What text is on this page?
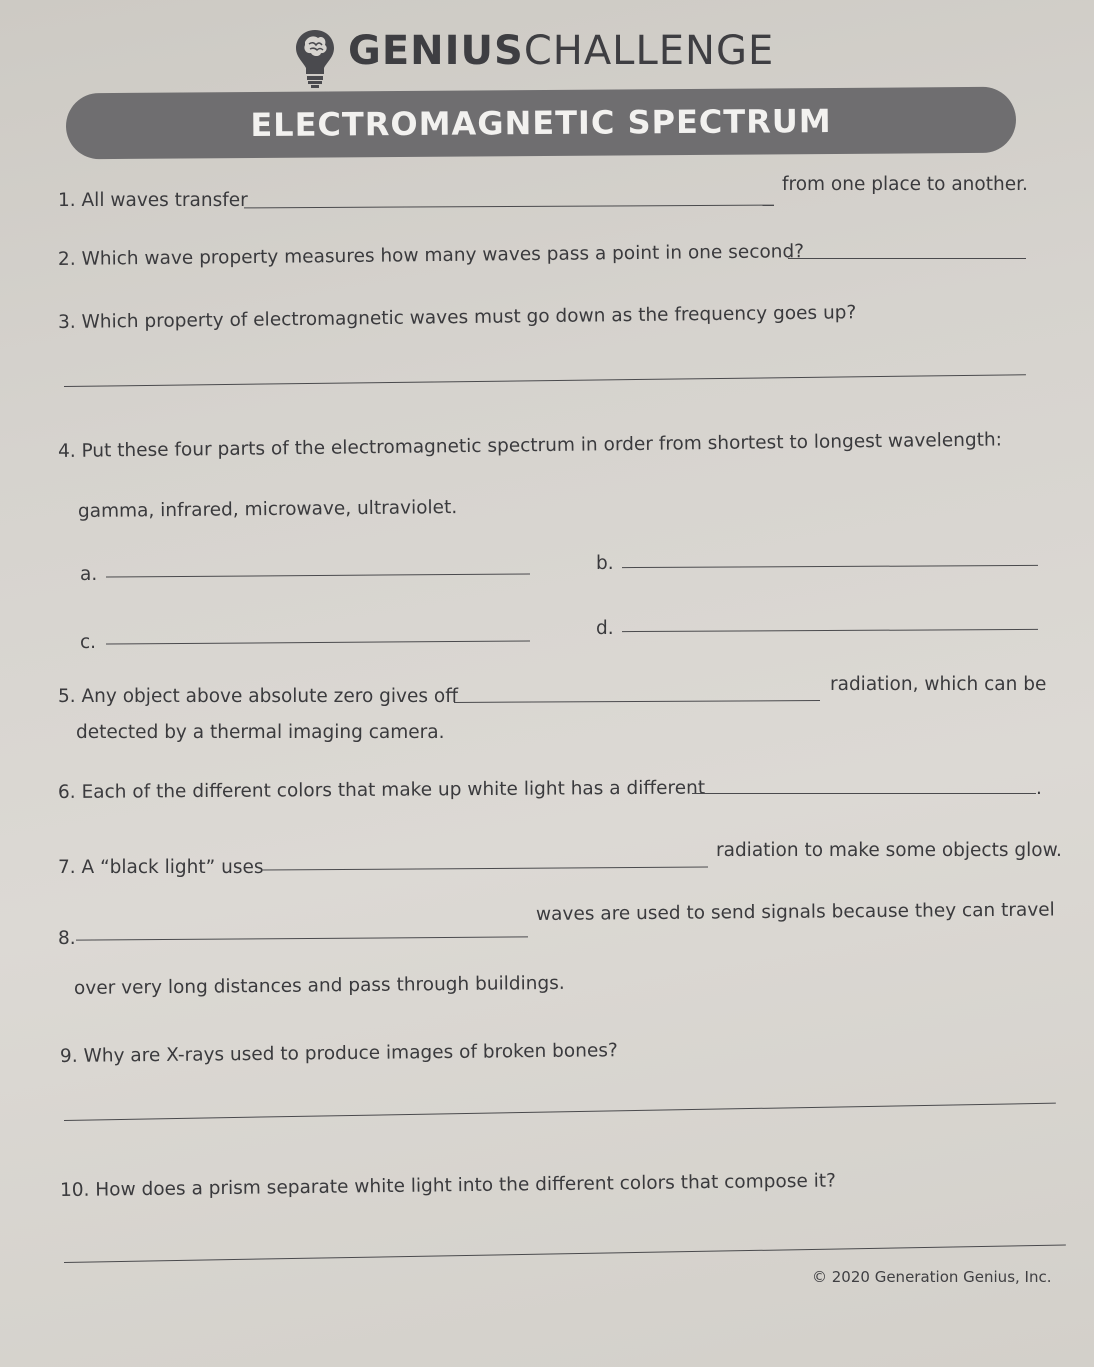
GENIUSCHALLENGE
ELECTROMAGNETIC SPECTRUM
1. All waves transfer
from one place to another.
2. Which wave property measures how many waves pass a point in one second?
3. Which property of electromagnetic waves must go down as the frequency goes up?
4. Put these four parts of the electromagnetic spectrum in order from shortest to longest wavelength:
gamma, infrared, microwave, ultraviolet.
a.
b.
c.
d.
5. Any object above absolute zero gives off
radiation, which can be
detected by a thermal imaging camera.
6. Each of the different colors that make up white light has a different	.
7. A “black light” uses
radiation to make some objects glow.
8.
waves are used to send signals because they can travel
over very long distances and pass through buildings.
9. Why are X-rays used to produce images of broken bones?
10. How does a prism separate white light into the different colors that compose it?
© 2020 Generation Genius, Inc.
